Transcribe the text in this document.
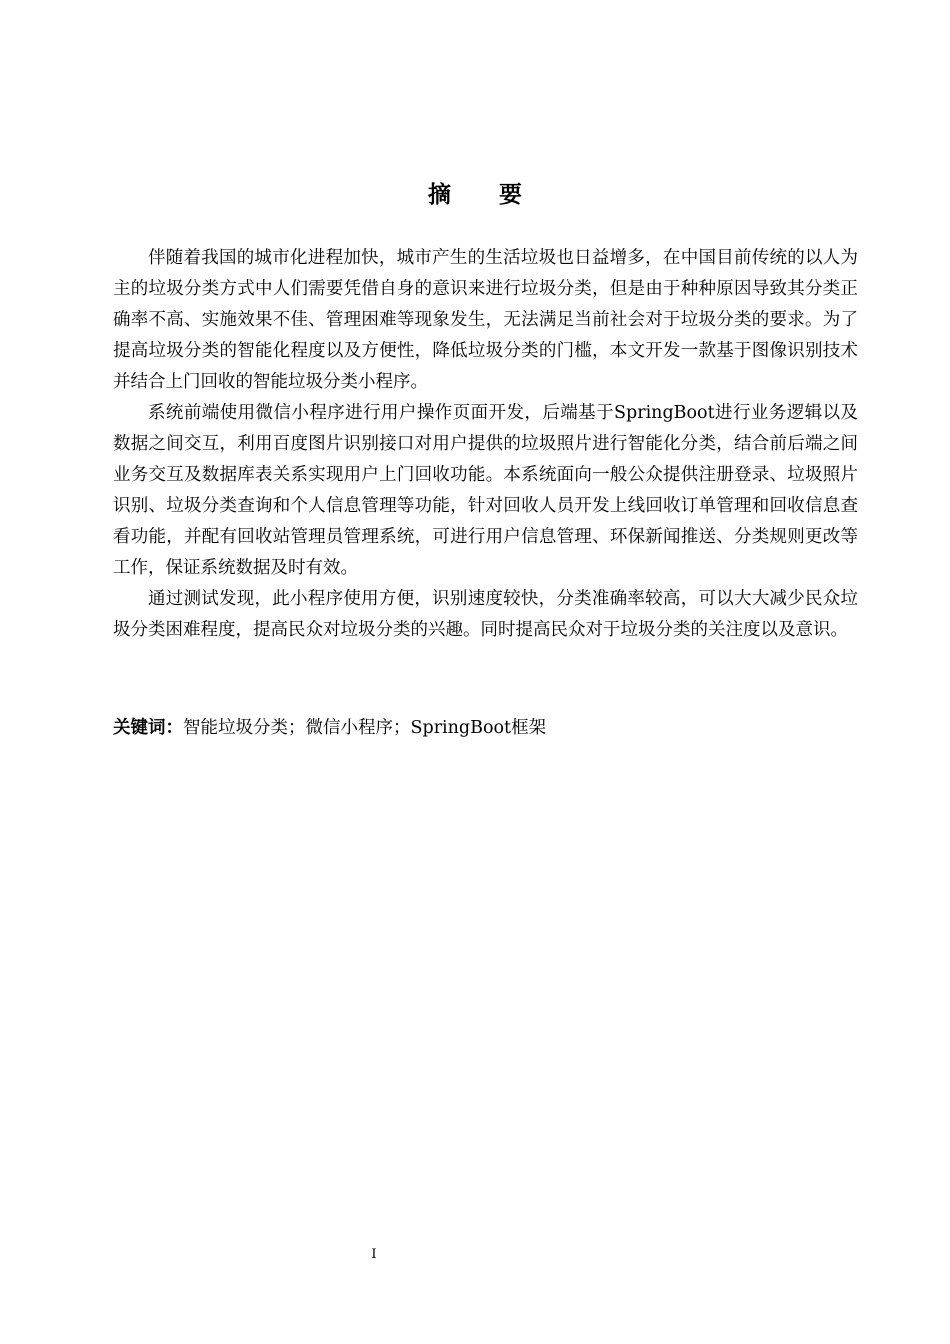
摘要

伴随着我国的城市化进程加快，城市产生的生活垃圾也日益增多，在中国目前传统的以人为主的垃圾分类方式中人们需要凭借自身的意识来进行垃圾分类，但是由于种种原因导致其分类正确率不高、实施效果不佳、管理困难等现象发生，无法满足当前社会对于垃圾分类的要求。为了提高垃圾分类的智能化程度以及方便性，降低垃圾分类的门槛，本文开发一款基于图像识别技术并结合上门回收的智能垃圾分类小程序。

系统前端使用微信小程序进行用户操作页面开发，后端基于SpringBoot进行业务逻辑以及数据之间交互，利用百度图片识别接口对用户提供的垃圾照片进行智能化分类，结合前后端之间业务交互及数据库表关系实现用户上门回收功能。本系统面向一般公众提供注册登录、垃圾照片识别、垃圾分类查询和个人信息管理等功能，针对回收人员开发上线回收订单管理和回收信息查看功能，并配有回收站管理员管理系统，可进行用户信息管理、环保新闻推送、分类规则更改等工作，保证系统数据及时有效。

通过测试发现，此小程序使用方便，识别速度较快，分类准确率较高，可以大大减少民众垃圾分类困难程度，提高民众对垃圾分类的兴趣。同时提高民众对于垃圾分类的关注度以及意识。

关键词：智能垃圾分类；微信小程序；SpringBoot框架
I
